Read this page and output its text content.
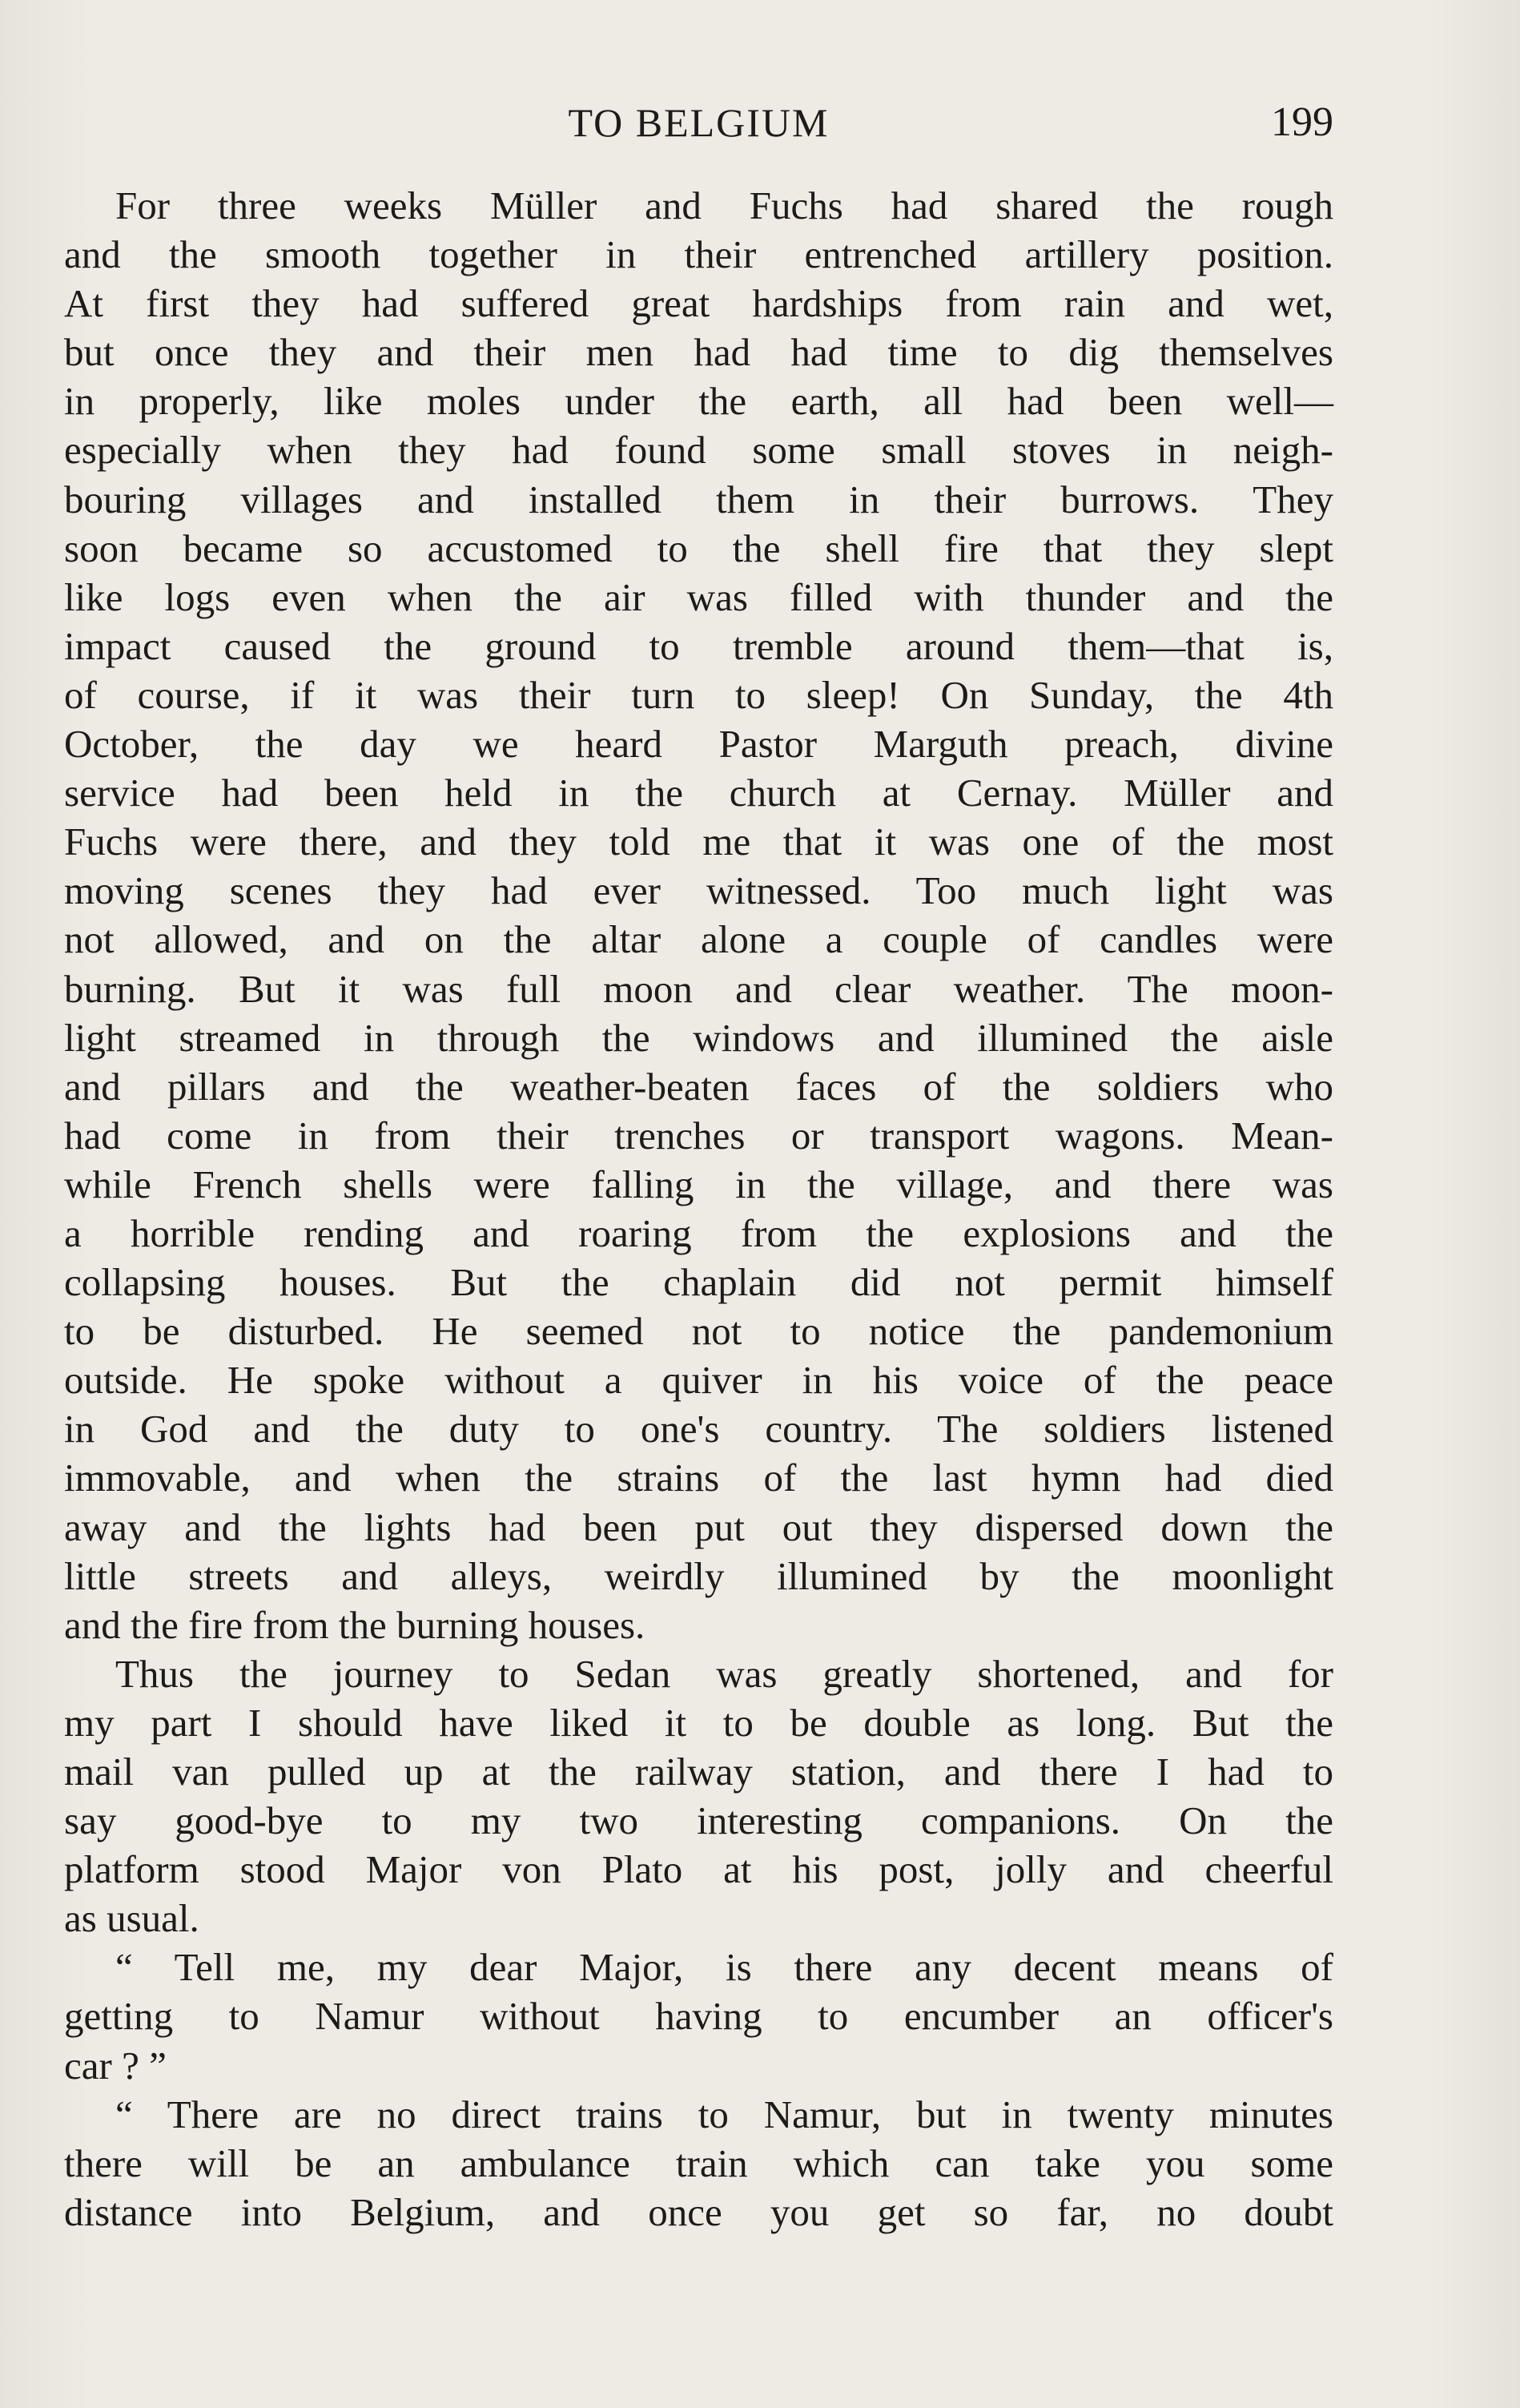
TO BELGIUM	199
For three weeks Müller and Fuchs had shared the rough
and the smooth together in their entrenched artillery position.
At first they had suffered great hardships from rain and wet,
but once they and their men had had time to dig themselves
in properly, like moles under the earth, all had been well—
especially when they had found some small stoves in neigh-
bouring villages and installed them in their burrows. They
soon became so accustomed to the shell fire that they slept
like logs even when the air was filled with thunder and the
impact caused the ground to tremble around them—that is,
of course, if it was their turn to sleep! On Sunday, the 4th
October, the day we heard Pastor Marguth preach, divine
service had been held in the church at Cernay. Müller and
Fuchs were there, and they told me that it was one of the most
moving scenes they had ever witnessed. Too much light was
not allowed, and on the altar alone a couple of candles were
burning. But it was full moon and clear weather. The moon-
light streamed in through the windows and illumined the aisle
and pillars and the weather-beaten faces of the soldiers who
had come in from their trenches or transport wagons. Mean-
while French shells were falling in the village, and there was
a horrible rending and roaring from the explosions and the
collapsing houses. But the chaplain did not permit himself
to be disturbed. He seemed not to notice the pandemonium
outside. He spoke without a quiver in his voice of the peace
in God and the duty to one's country. The soldiers listened
immovable, and when the strains of the last hymn had died
away and the lights had been put out they dispersed down the
little streets and alleys, weirdly illumined by the moonlight
and the fire from the burning houses.
Thus the journey to Sedan was greatly shortened, and for
my part I should have liked it to be double as long. But the
mail van pulled up at the railway station, and there I had to
say good-bye to my two interesting companions. On the
platform stood Major von Plato at his post, jolly and cheerful
as usual.
“ Tell me, my dear Major, is there any decent means of
getting to Namur without having to encumber an officer's
car ? ”
“ There are no direct trains to Namur, but in twenty minutes
there will be an ambulance train which can take you some
distance into Belgium, and once you get so far, no doubt
